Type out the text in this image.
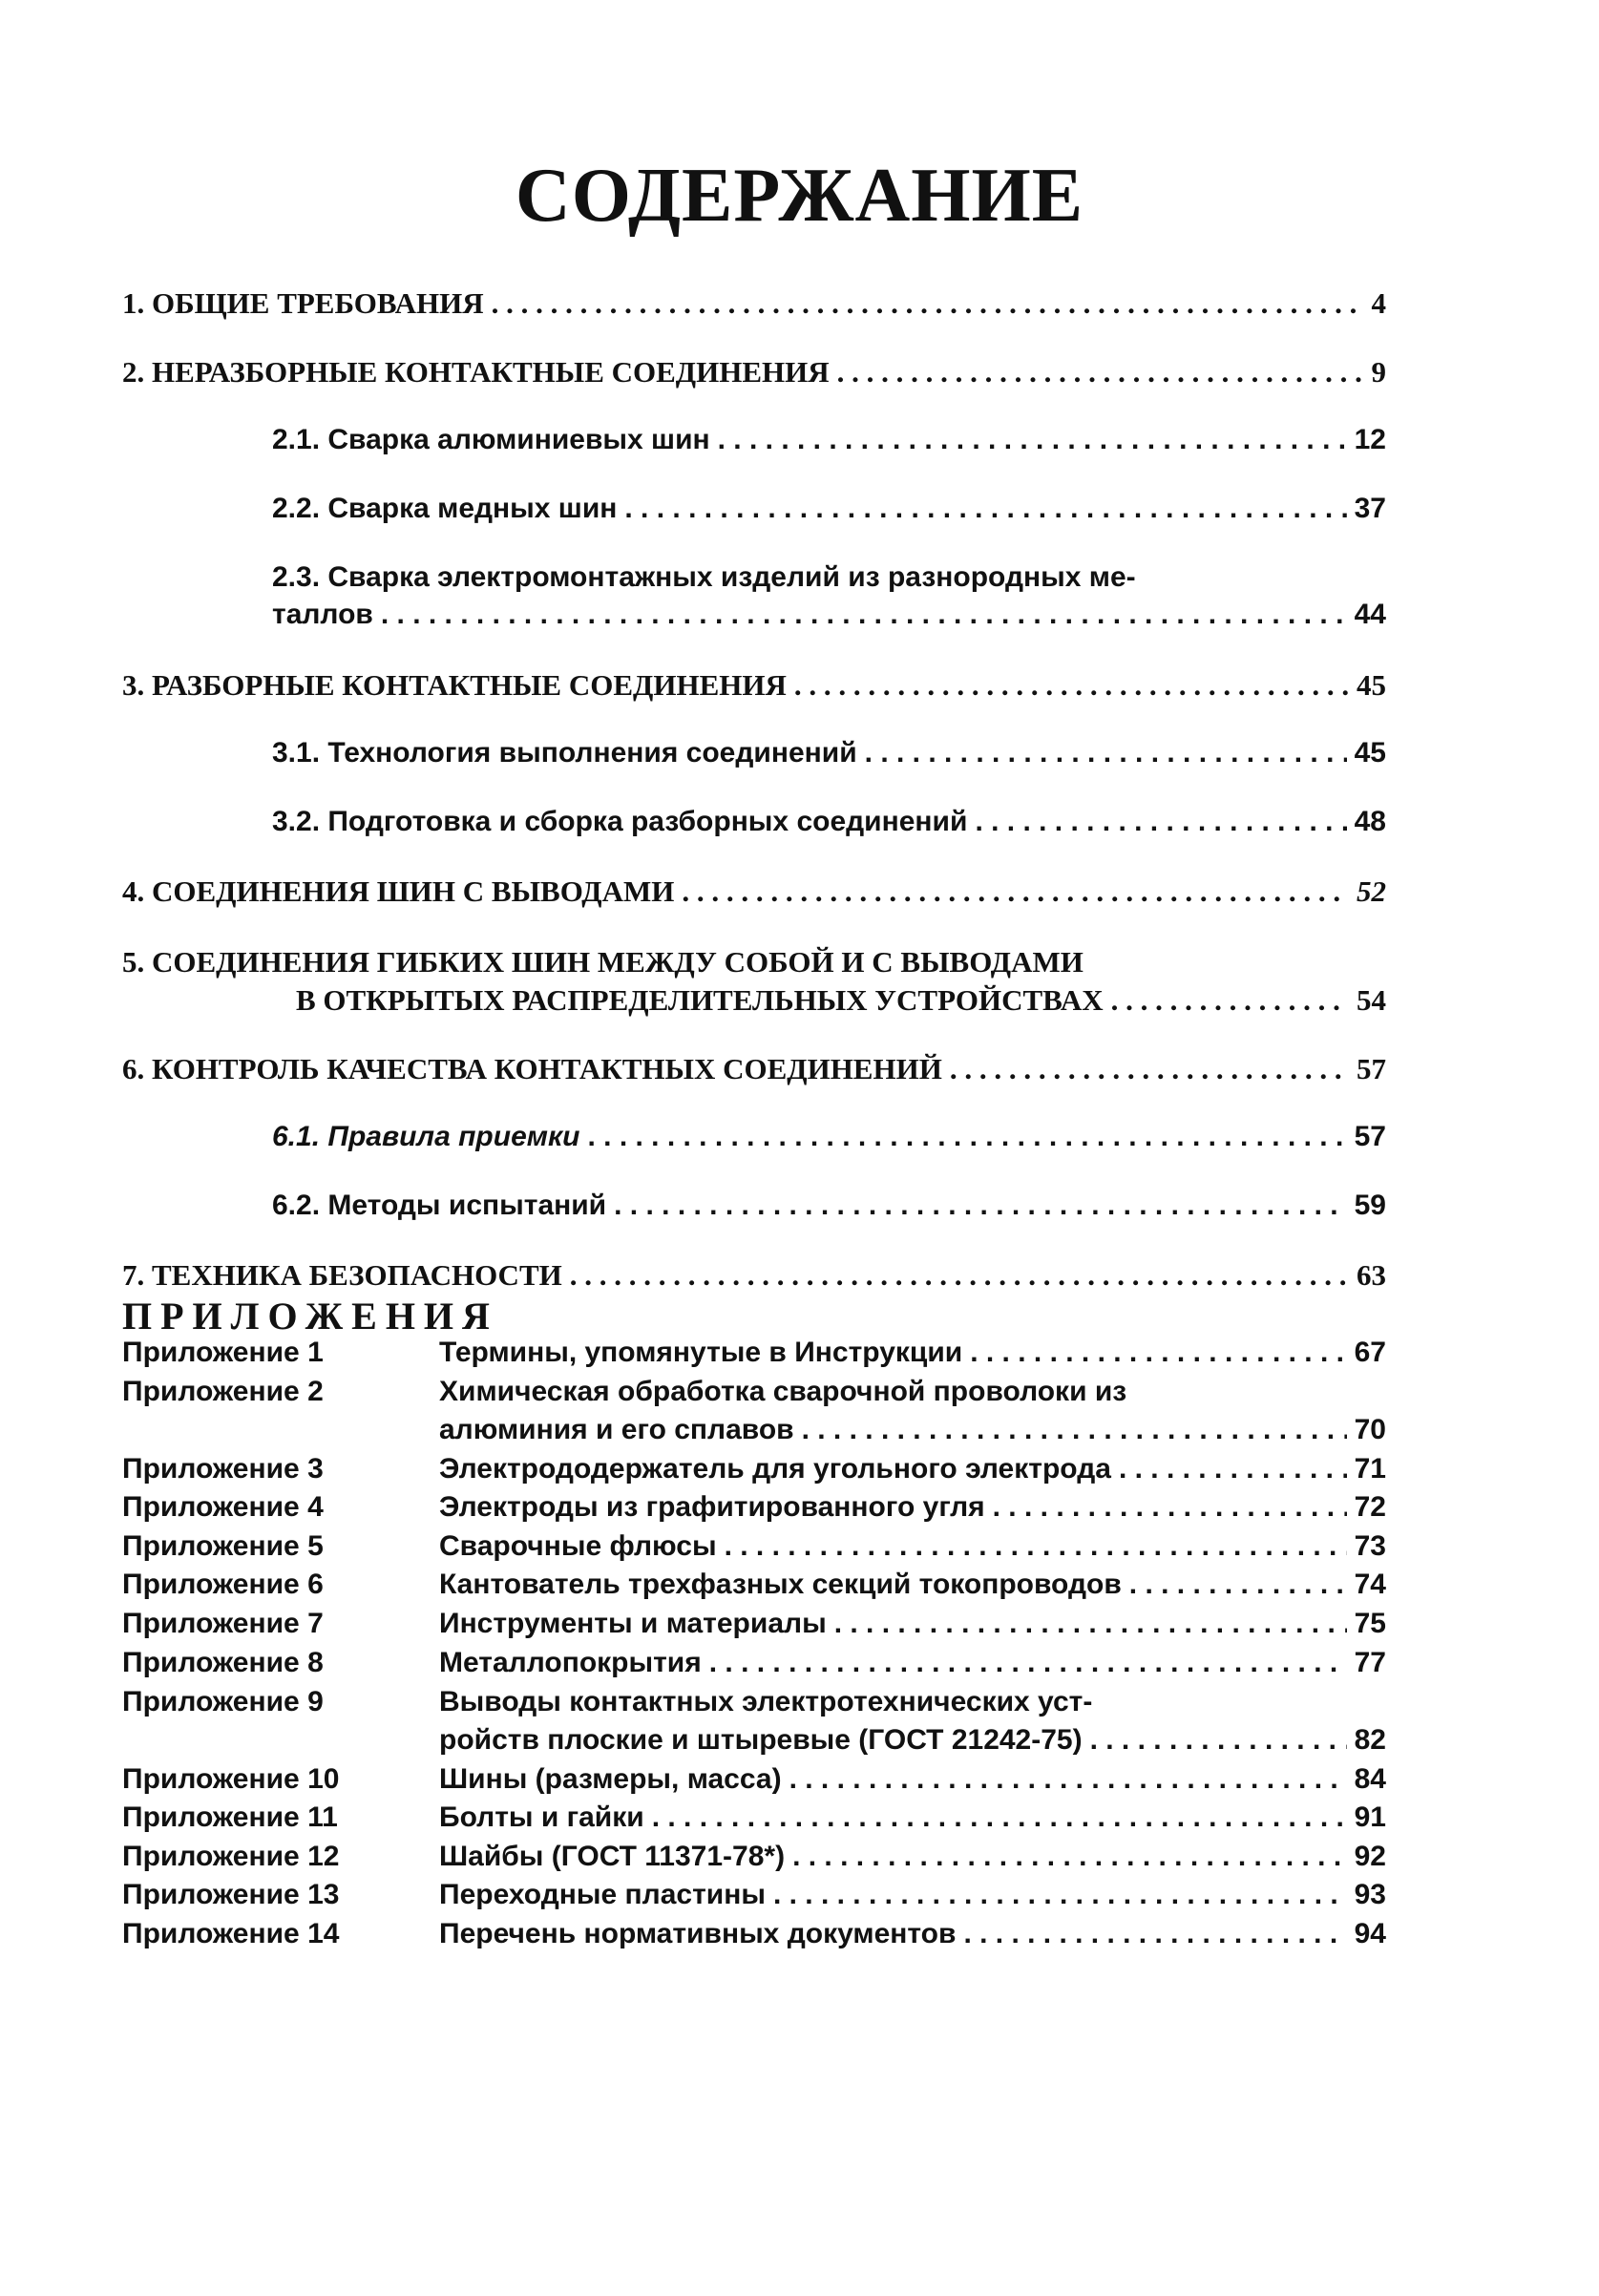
СОДЕРЖАНИЕ
1. ОБЩИЕ ТРЕБОВАНИЯ . . .	4
2. НЕРАЗБОРНЫЕ КОНТАКТНЫЕ СОЕДИНЕНИЯ . . .	9
2.1. Сварка алюминиевых шин . . .	12
2.2. Сварка медных шин . . .	37
2.3. Сварка электромонтажных изделий из разнородных ме-
таллов . . .	44
3. РАЗБОРНЫЕ КОНТАКТНЫЕ СОЕДИНЕНИЯ . . .	45
3.1. Технология выполнения соединений . . .	45
3.2. Подготовка и сборка разборных соединений . . .	48
4. СОЕДИНЕНИЯ ШИН С ВЫВОДАМИ . . .	52
5. СОЕДИНЕНИЯ ГИБКИХ ШИН МЕЖДУ СОБОЙ И С ВЫВОДАМИ
В ОТКРЫТЫХ РАСПРЕДЕЛИТЕЛЬНЫХ УСТРОЙСТВАХ . . .	54
6. КОНТРОЛЬ КАЧЕСТВА КОНТАКТНЫХ СОЕДИНЕНИЙ . . .	57
6.1. Правила приемки . . .	57
6.2. Методы испытаний . . .	59
7. ТЕХНИКА БЕЗОПАСНОСТИ . . .	63
ПРИЛОЖЕНИЯ
Приложение 1	Термины, упомянутые в Инструкции . . .	67
Приложение 2	Химическая обработка сварочной проволоки из
алюминия и его сплавов . . .	70
Приложение 3	Электрододержатель для угольного электрода . . .	71
Приложение 4	Электроды из графитированного угля . . .	72
Приложение 5	Сварочные флюсы . . .	73
Приложение 6	Кантователь трехфазных секций токопроводов . . .	74
Приложение 7	Инструменты и материалы . . .	75
Приложение 8	Металлопокрытия . . .	77
Приложение 9	Выводы контактных электротехнических уст-
ройств плоские и штыревые (ГОСТ 21242-75) . . .	82
Приложение 10	Шины (размеры, масса) . . .	84
Приложение 11	Болты и гайки . . .	91
Приложение 12	Шайбы (ГОСТ 11371-78*) . . .	92
Приложение 13	Переходные пластины . . .	93
Приложение 14	Перечень нормативных документов . . .	94
